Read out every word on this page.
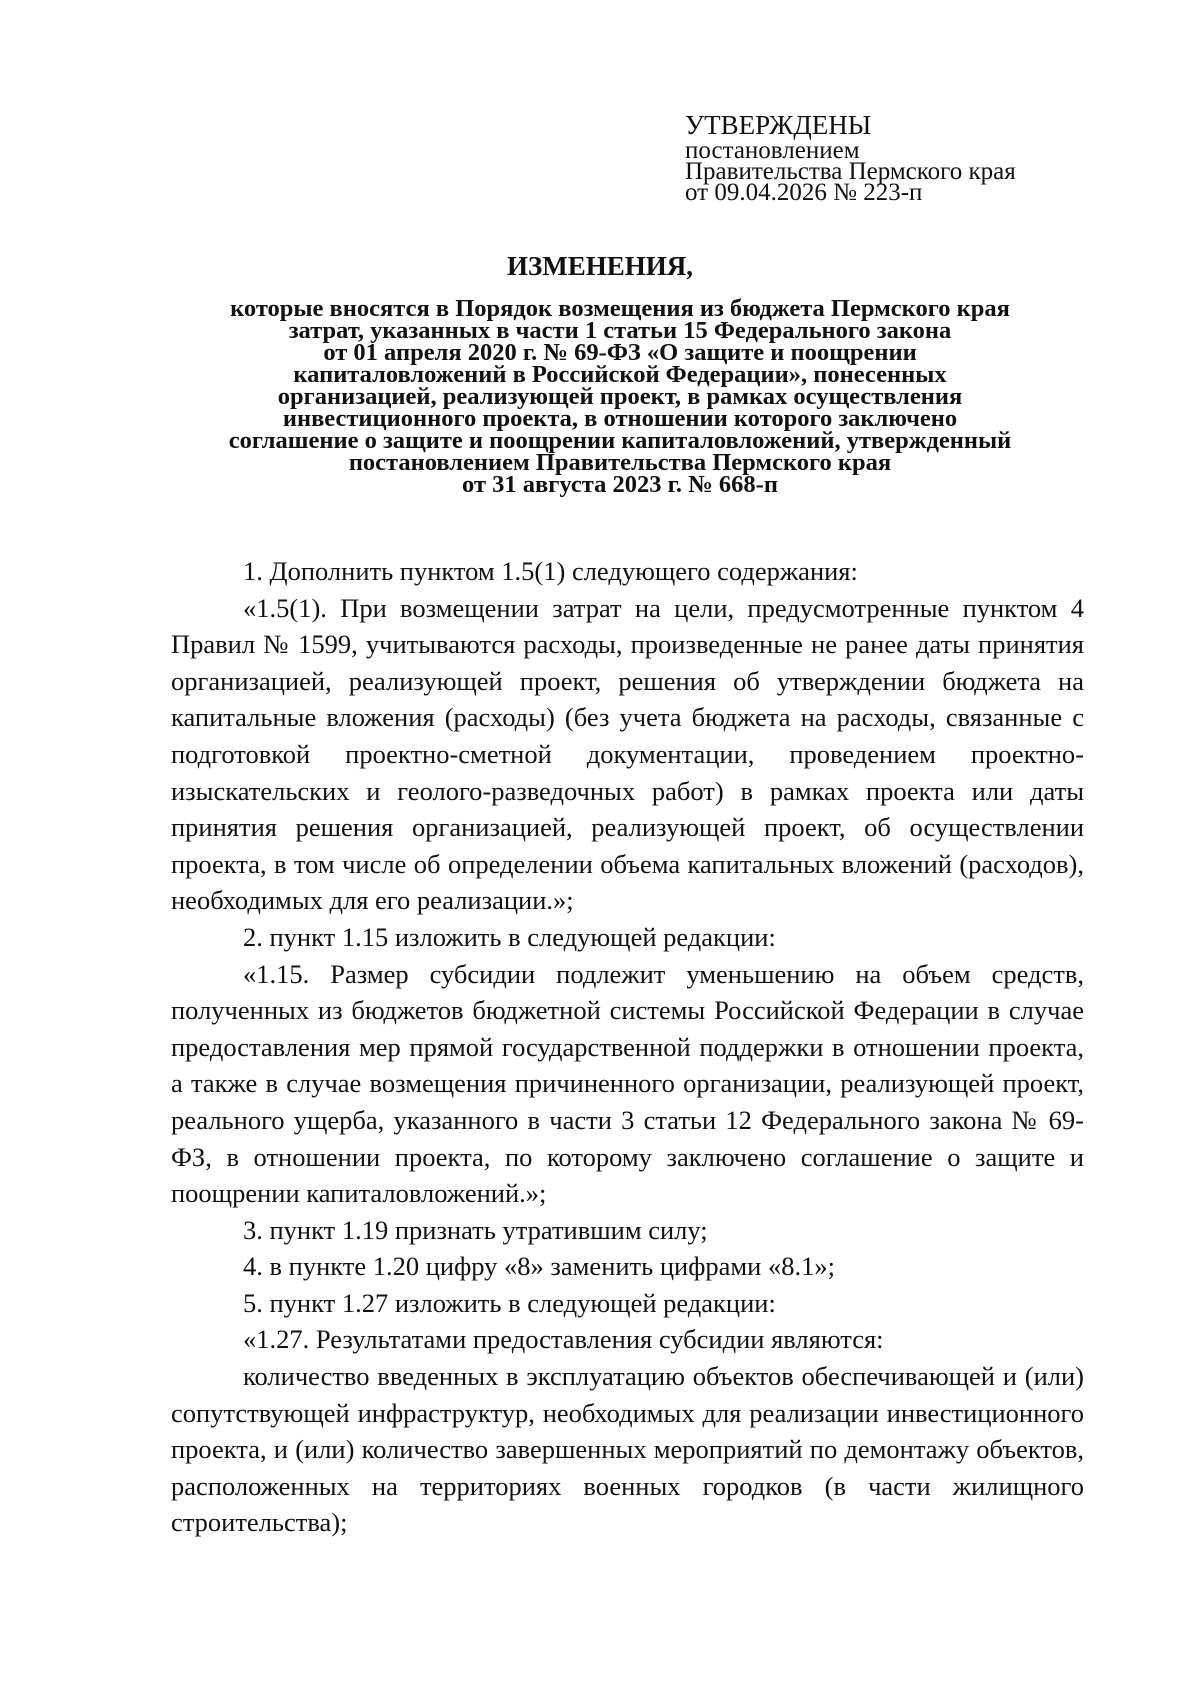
УТВЕРЖДЕНЫ
постановлением
Правительства Пермского края
от 09.04.2026 № 223-п
ИЗМЕНЕНИЯ,
которые вносятся в Порядок возмещения из бюджета Пермского края
затрат, указанных в части 1 статьи 15 Федерального закона
от 01 апреля 2020 г. № 69-ФЗ «О защите и поощрении
капиталовложений в Российской Федерации», понесенных
организацией, реализующей проект, в рамках осуществления
инвестиционного проекта, в отношении которого заключено
соглашение о защите и поощрении капиталовложений, утвержденный
постановлением Правительства Пермского края
от 31 августа 2023 г. № 668-п

1. Дополнить пунктом 1.5(1) следующего содержания:

«1.5(1). При возмещении затрат на цели, предусмотренные пунктом 4 Правил № 1599, учитываются расходы, произведенные не ранее даты принятия организацией, реализующей проект, решения об утверждении бюджета на капитальные вложения (расходы) (без учета бюджета на расходы, связанные с подготовкой проектно-сметной документации, проведением проектно-изыскательских и геолого-разведочных работ) в рамках проекта или даты принятия решения организацией, реализующей проект, об осуществлении проекта, в том числе об определении объема капитальных вложений (расходов), необходимых для его реализации.»;

2. пункт 1.15 изложить в следующей редакции:

«1.15. Размер субсидии подлежит уменьшению на объем средств, полученных из бюджетов бюджетной системы Российской Федерации в случае предоставления мер прямой государственной поддержки в отношении проекта, а также в случае возмещения причиненного организации, реализующей проект, реального ущерба, указанного в части 3 статьи 12 Федерального закона № 69-ФЗ, в отношении проекта, по которому заключено соглашение о защите и поощрении капиталовложений.»;

3. пункт 1.19 признать утратившим силу;

4. в пункте 1.20 цифру «8» заменить цифрами «8.1»;

5. пункт 1.27 изложить в следующей редакции:

«1.27. Результатами предоставления субсидии являются:

количество введенных в эксплуатацию объектов обеспечивающей и (или) сопутствующей инфраструктур, необходимых для реализации инвестиционного проекта, и (или) количество завершенных мероприятий по демонтажу объектов, расположенных на территориях военных городков (в части жилищного строительства);
